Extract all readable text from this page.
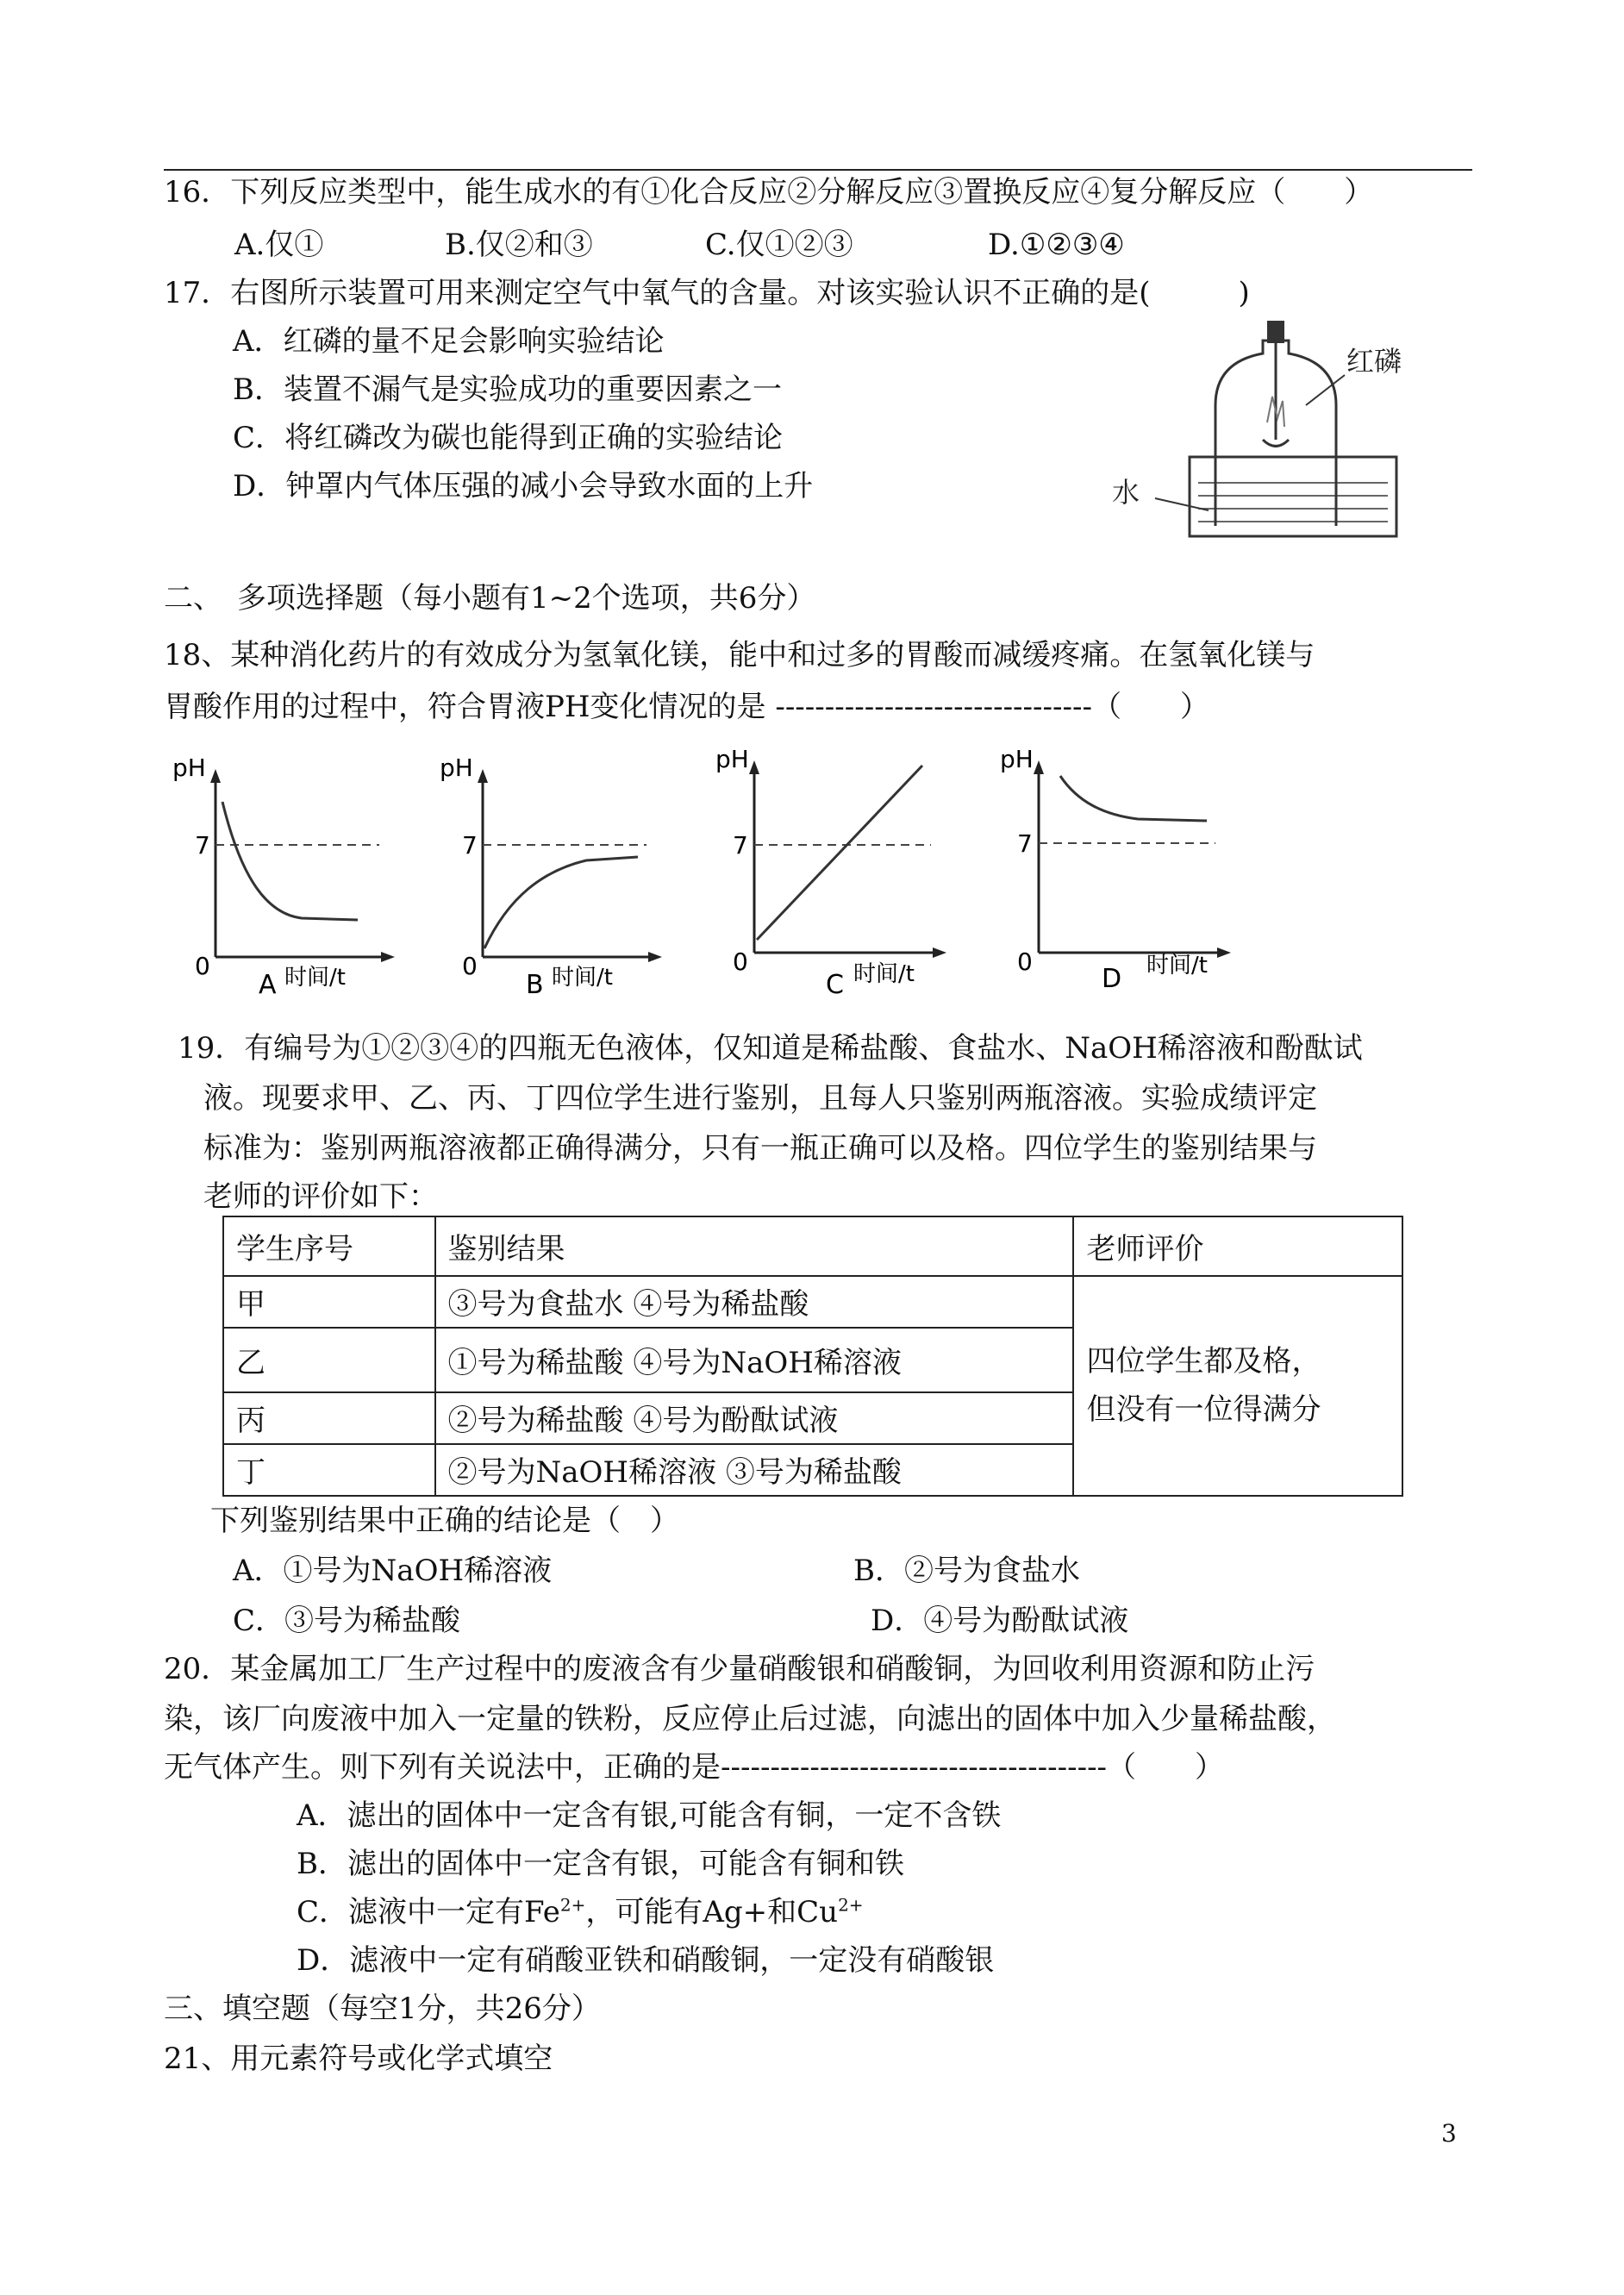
16．下列反应类型中，能生成水的有①化合反应②分解反应③置换反应④复分解反应（　　）
A.仅①	B.仅②和③	C.仅①②③	D.①②③④
17．右图所示装置可用来测定空气中氧气的含量。对该实验认识不正确的是(　　　)
A．红磷的量不足会影响实验结论
B．装置不漏气是实验成功的重要因素之一
C．将红磷改为碳也能得到正确的实验结论
D．钟罩内气体压强的减小会导致水面的上升
红磷
水
二、　多项选择题（每小题有1~2个选项，共6分）
18、某种消化药片的有效成分为氢氧化镁，能中和过多的胃酸而减缓疼痛。在氢氧化镁与
胃酸作用的过程中，符合胃液PH变化情况的是 --------------------------------（　　）
pH
7
0	时间/t
A
pH
7
0	时间/t
B
pH
7
0	时间/t
C
pH
7
0	时间/t
D
19．有编号为①②③④的四瓶无色液体，仅知道是稀盐酸、食盐水、NaOH稀溶液和酚酞试
液。现要求甲、乙、丙、丁四位学生进行鉴别，且每人只鉴别两瓶溶液。实验成绩评定
标准为：鉴别两瓶溶液都正确得满分，只有一瓶正确可以及格。四位学生的鉴别结果与
老师的评价如下：
学生序号	鉴别结果	老师评价
甲	③号为食盐水 ④号为稀盐酸	四位学生都及格，
但没有一位得满分

乙	①号为稀盐酸 ④号为NaOH稀溶液	
丙	②号为稀盐酸 ④号为酚酞试液	
丁	②号为NaOH稀溶液 ③号为稀盐酸	
下列鉴别结果中正确的结论是（　）
A．①号为NaOH稀溶液	B．②号为食盐水
C．③号为稀盐酸	D．④号为酚酞试液
20．某金属加工厂生产过程中的废液含有少量硝酸银和硝酸铜，为回收利用资源和防止污
染，该厂向废液中加入一定量的铁粉，反应停止后过滤，向滤出的固体中加入少量稀盐酸，
无气体产生。则下列有关说法中，正确的是---------------------------------------（　　）
A．滤出的固体中一定含有银,可能含有铜，一定不含铁
B．滤出的固体中一定含有银，可能含有铜和铁
C．滤液中一定有$Fe^{2+}$，可能有Ag+和$Cu^{2+}$
D．滤液中一定有硝酸亚铁和硝酸铜，一定没有硝酸银
三、填空题（每空1分，共26分）
21、用元素符号或化学式填空
3
